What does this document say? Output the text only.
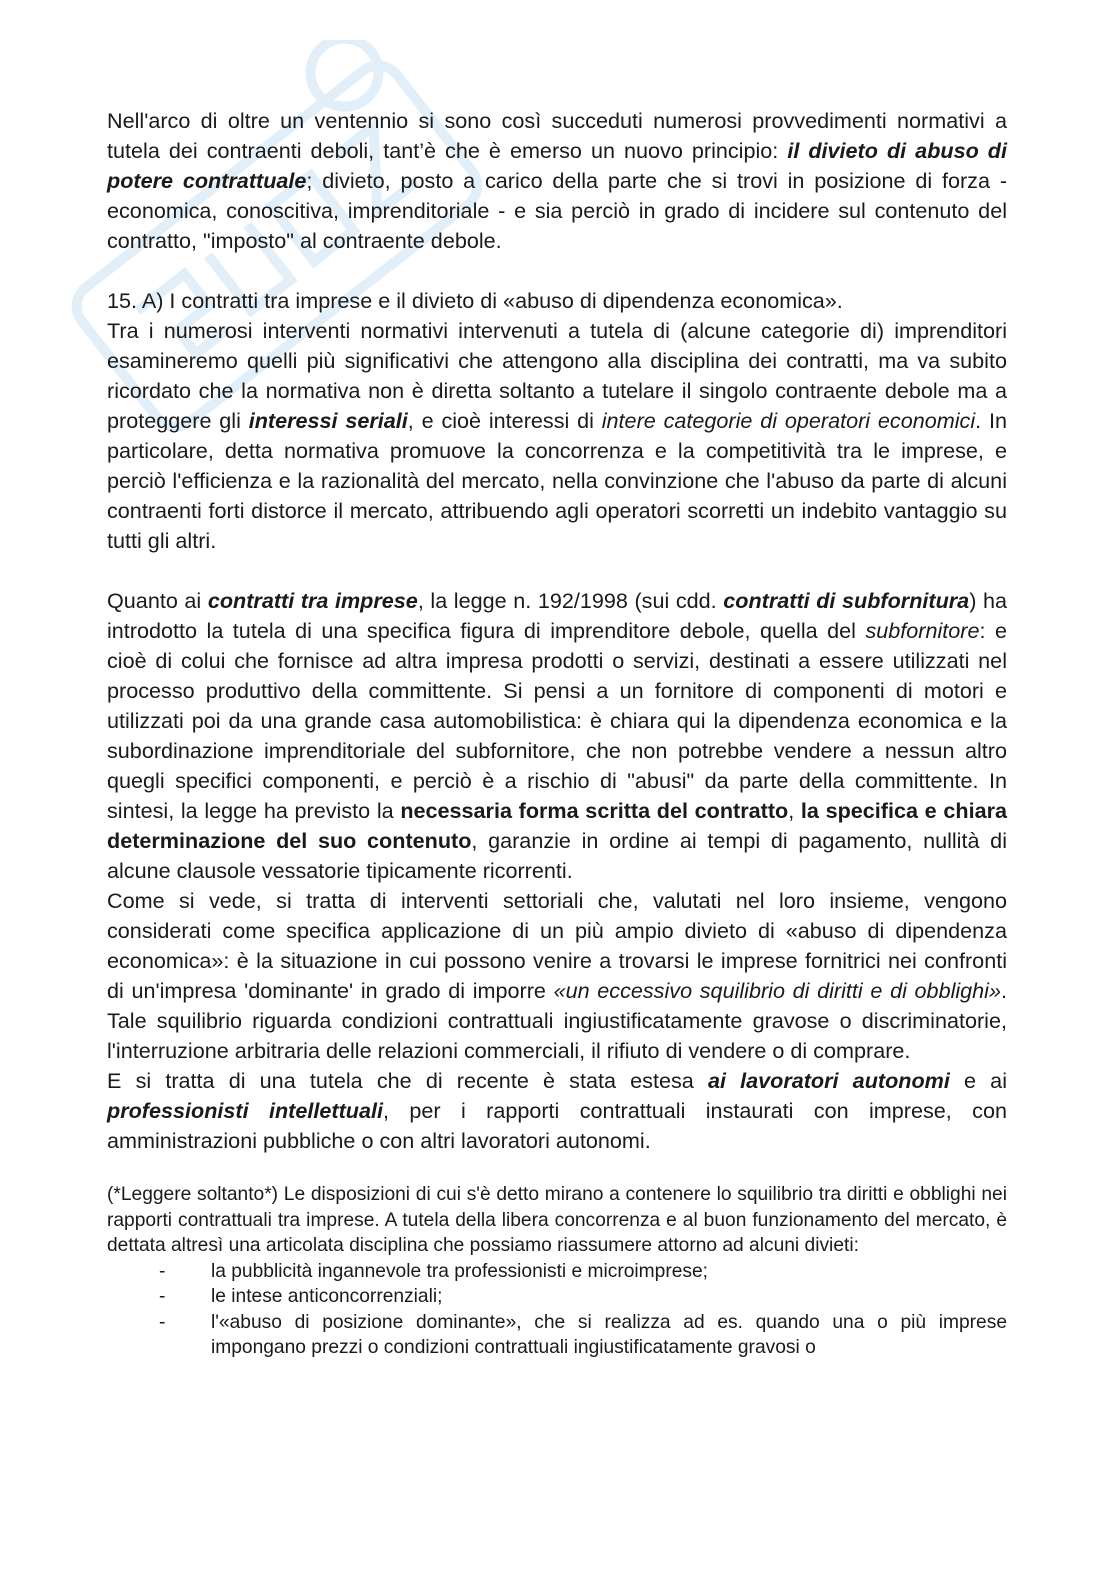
Nell'arco di oltre un ventennio si sono così succeduti numerosi provvedimenti normativi a tutela dei contraenti deboli, tant’è che è emerso un nuovo principio: il divieto di abuso di potere contrattuale; divieto, posto a carico della parte che si trovi in posizione di forza - economica, conoscitiva, imprenditoriale - e sia perciò in grado di incidere sul contenuto del contratto, "imposto" al contraente debole.

15. A) I contratti tra imprese e il divieto di «abuso di dipendenza economica».

Tra i numerosi interventi normativi intervenuti a tutela di (alcune categorie di) imprenditori esamineremo quelli più significativi che attengono alla disciplina dei contratti, ma va subito ricordato che la normativa non è diretta soltanto a tutelare il singolo contraente debole ma a proteggere gli interessi seriali, e cioè interessi di intere categorie di operatori economici. In particolare, detta normativa promuove la concorrenza e la competitività tra le imprese, e perciò l'efficienza e la razionalità del mercato, nella convinzione che l'abuso da parte di alcuni contraenti forti distorce il mercato, attribuendo agli operatori scorretti un indebito vantaggio su tutti gli altri.

Quanto ai contratti tra imprese, la legge n. 192/1998 (sui cdd. contratti di subfornitura) ha introdotto la tutela di una specifica figura di imprenditore debole, quella del subfornitore: e cioè di colui che fornisce ad altra impresa prodotti o servizi, destinati a essere utilizzati nel processo produttivo della committente. Si pensi a un fornitore di componenti di motori e utilizzati poi da una grande casa automobilistica: è chiara qui la dipendenza economica e la subordinazione imprenditoriale del subfornitore, che non potrebbe vendere a nessun altro quegli specifici componenti, e perciò è a rischio di "abusi" da parte della committente. In sintesi, la legge ha previsto la necessaria forma scritta del contratto, la specifica e chiara determinazione del suo contenuto, garanzie in ordine ai tempi di pagamento, nullità di alcune clausole vessatorie tipicamente ricorrenti.

Come si vede, si tratta di interventi settoriali che, valutati nel loro insieme, vengono considerati come specifica applicazione di un più ampio divieto di «abuso di dipendenza economica»: è la situazione in cui possono venire a trovarsi le imprese fornitrici nei confronti di un'impresa 'dominante' in grado di imporre «un eccessivo squilibrio di diritti e di obblighi». Tale squilibrio riguarda condizioni contrattuali ingiustificatamente gravose o discriminatorie, l'interruzione arbitraria delle relazioni commerciali, il rifiuto di vendere o di comprare.

E si tratta di una tutela che di recente è stata estesa ai lavoratori autonomi e ai professionisti intellettuali, per i rapporti contrattuali instaurati con imprese, con amministrazioni pubbliche o con altri lavoratori autonomi.

(*Leggere soltanto*) Le disposizioni di cui s'è detto mirano a contenere lo squilibrio tra diritti e obblighi nei rapporti contrattuali tra imprese. A tutela della libera concorrenza e al buon funzionamento del mercato, è dettata altresì una articolata disciplina che possiamo riassumere attorno ad alcuni divieti:

- la pubblicità ingannevole tra professionisti e microimprese;
- le intese anticoncorrenziali;
- l'«abuso di posizione dominante», che si realizza ad es. quando una o più imprese impongano prezzi o condizioni contrattuali ingiustificatamente gravosi o
